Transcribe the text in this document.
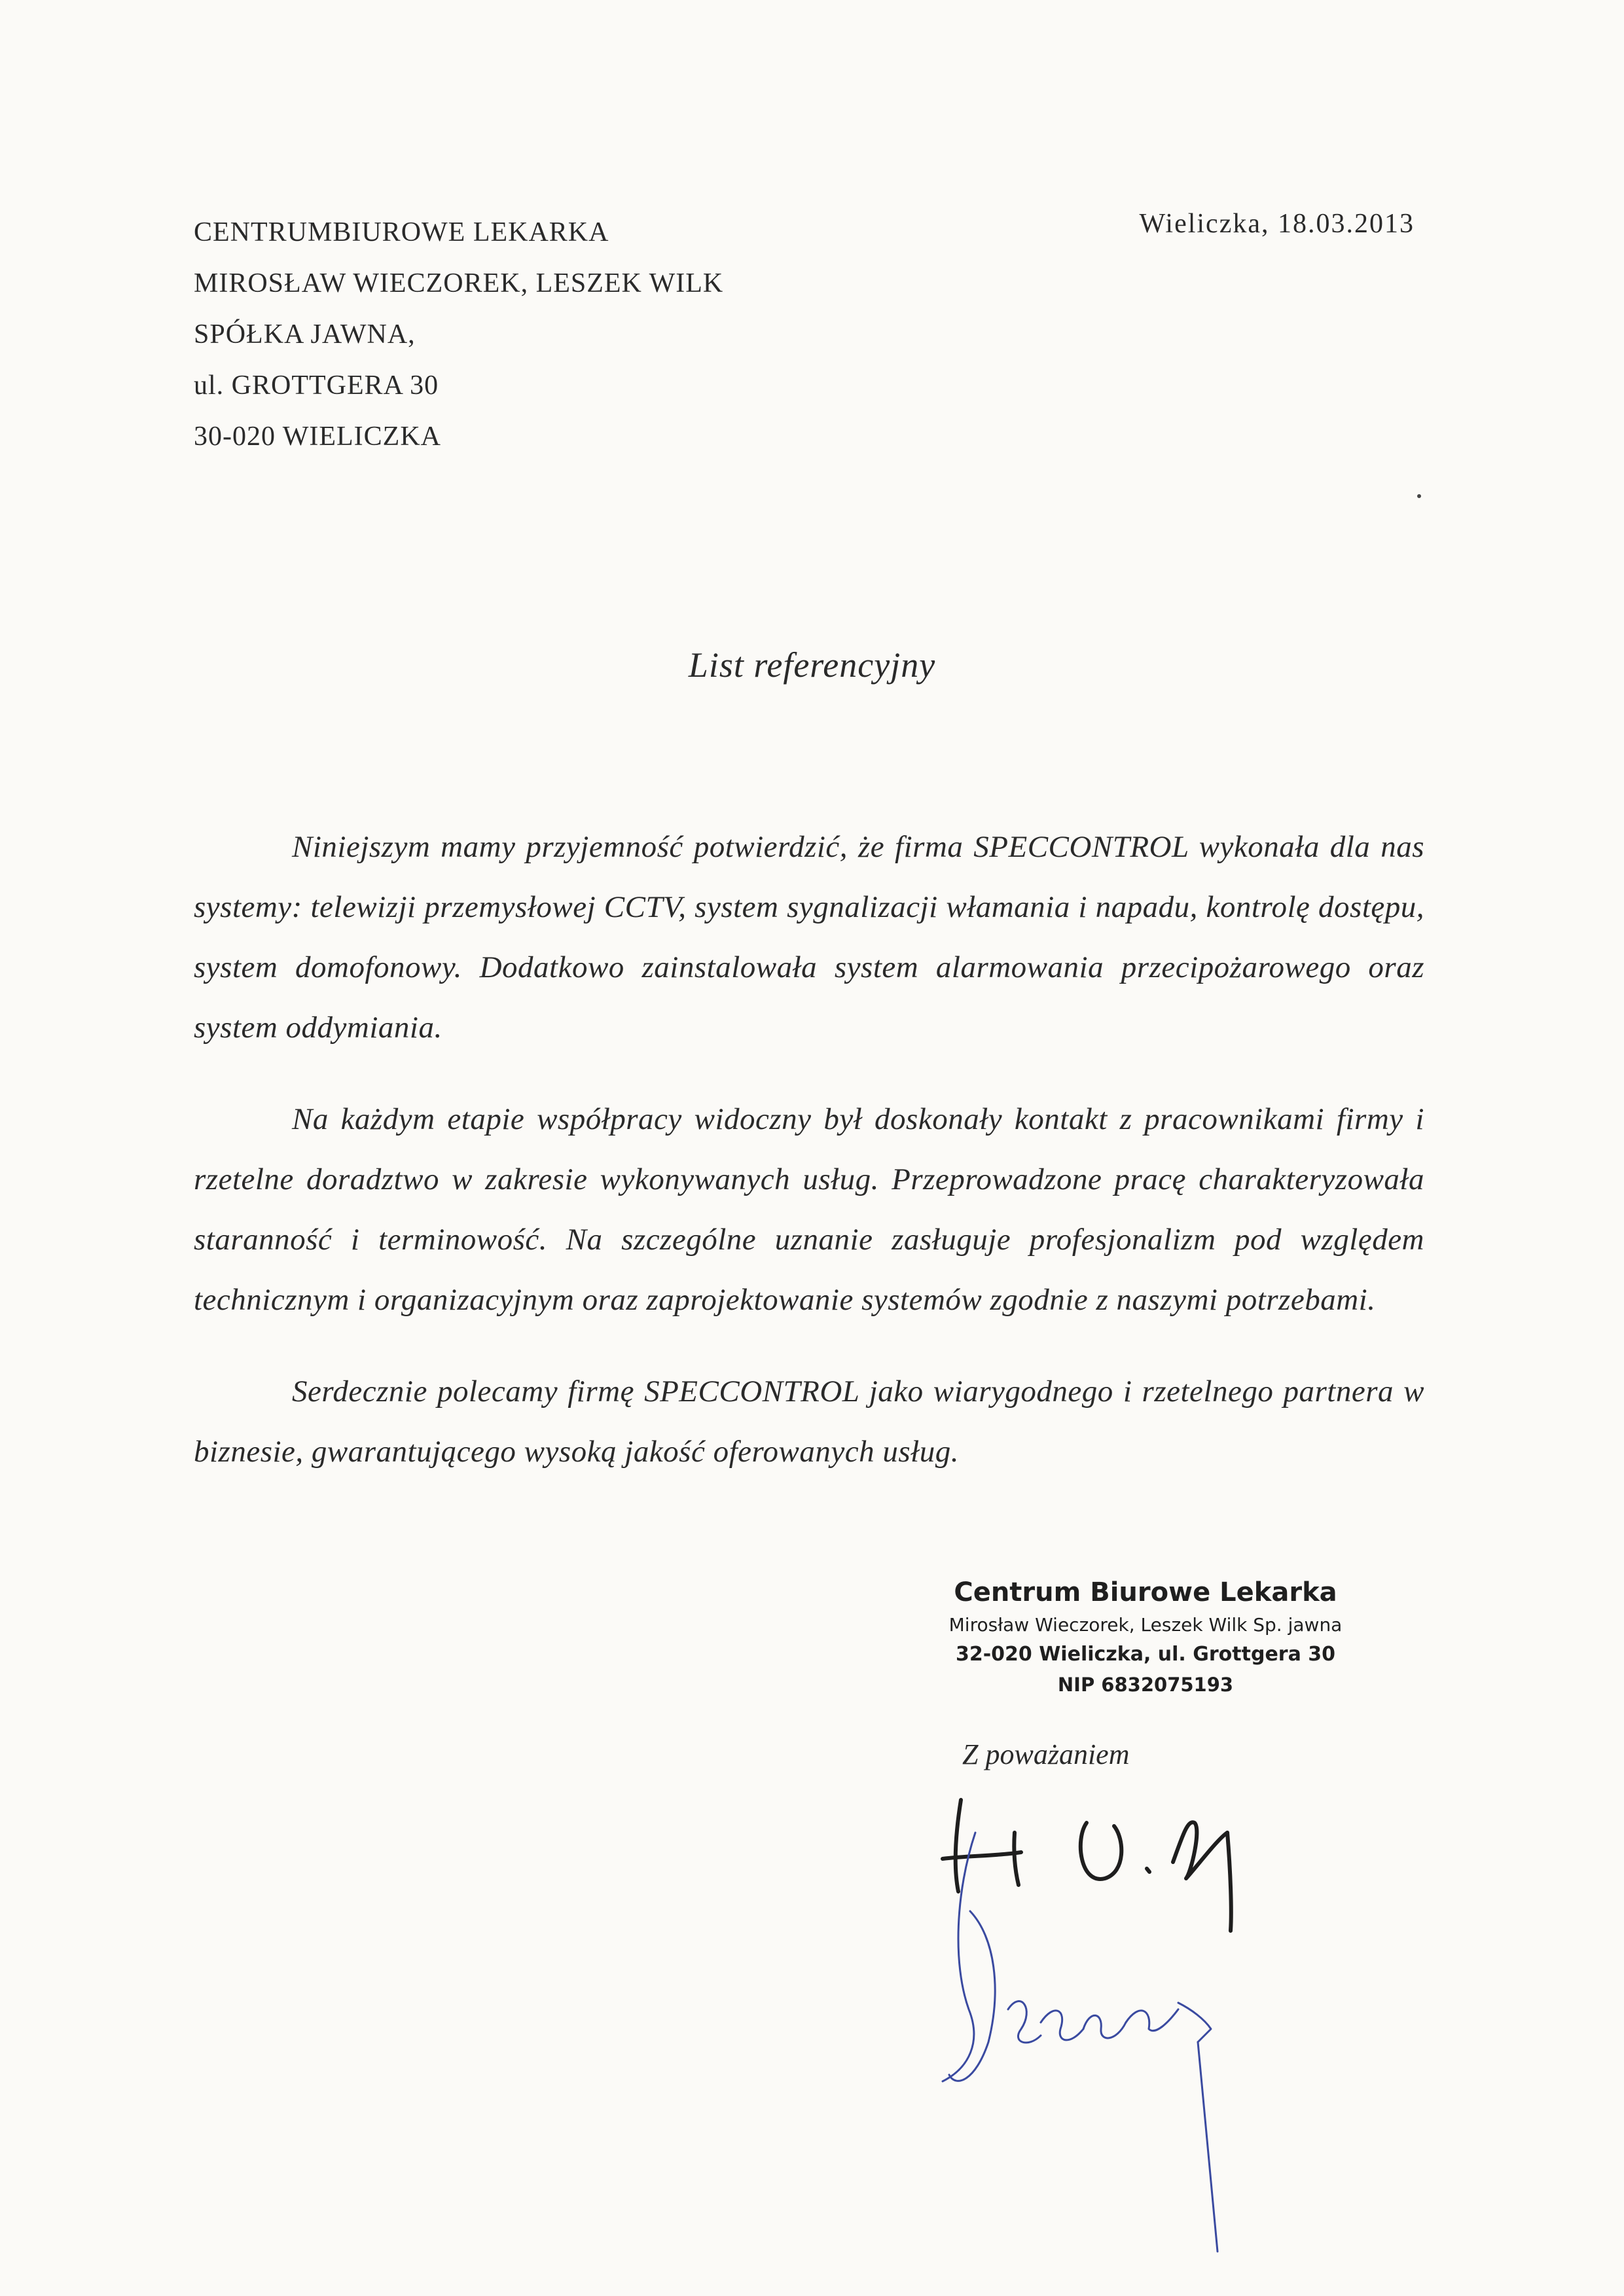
CENTRUMBIUROWE LEKARKA
MIROSŁAW WIECZOREK, LESZEK WILK
SPÓŁKA JAWNA,
ul. GROTTGERA 30
30-020 WIELICZKA
Wieliczka, 18.03.2013
List referencyjny

Niniejszym mamy przyjemność potwierdzić, że firma SPECCONTROL wykonała dla nas systemy: telewizji przemysłowej CCTV, system sygnalizacji włamania i napadu, kontrolę dostępu, system domofonowy. Dodatkowo zainstalowała system alarmowania przecipożarowego oraz system oddymiania.

Na każdym etapie współpracy widoczny był doskonały kontakt z pracownikami firmy i rzetelne doradztwo w zakresie wykonywanych usług. Przeprowadzone pracę charakteryzowała staranność i terminowość. Na szczególne uznanie zasługuje profesjonalizm pod względem technicznym i organizacyjnym oraz zaprojektowanie systemów zgodnie z naszymi potrzebami.

Serdecznie polecamy firmę SPECCONTROL jako wiarygodnego i rzetelnego partnera w biznesie, gwarantującego wysoką jakość oferowanych usług.

Centrum Biurowe Lekarka
Mirosław Wieczorek, Leszek Wilk Sp. jawna
32-020 Wieliczka, ul. Grottgera 30
NIP 6832075193
Z poważaniem
